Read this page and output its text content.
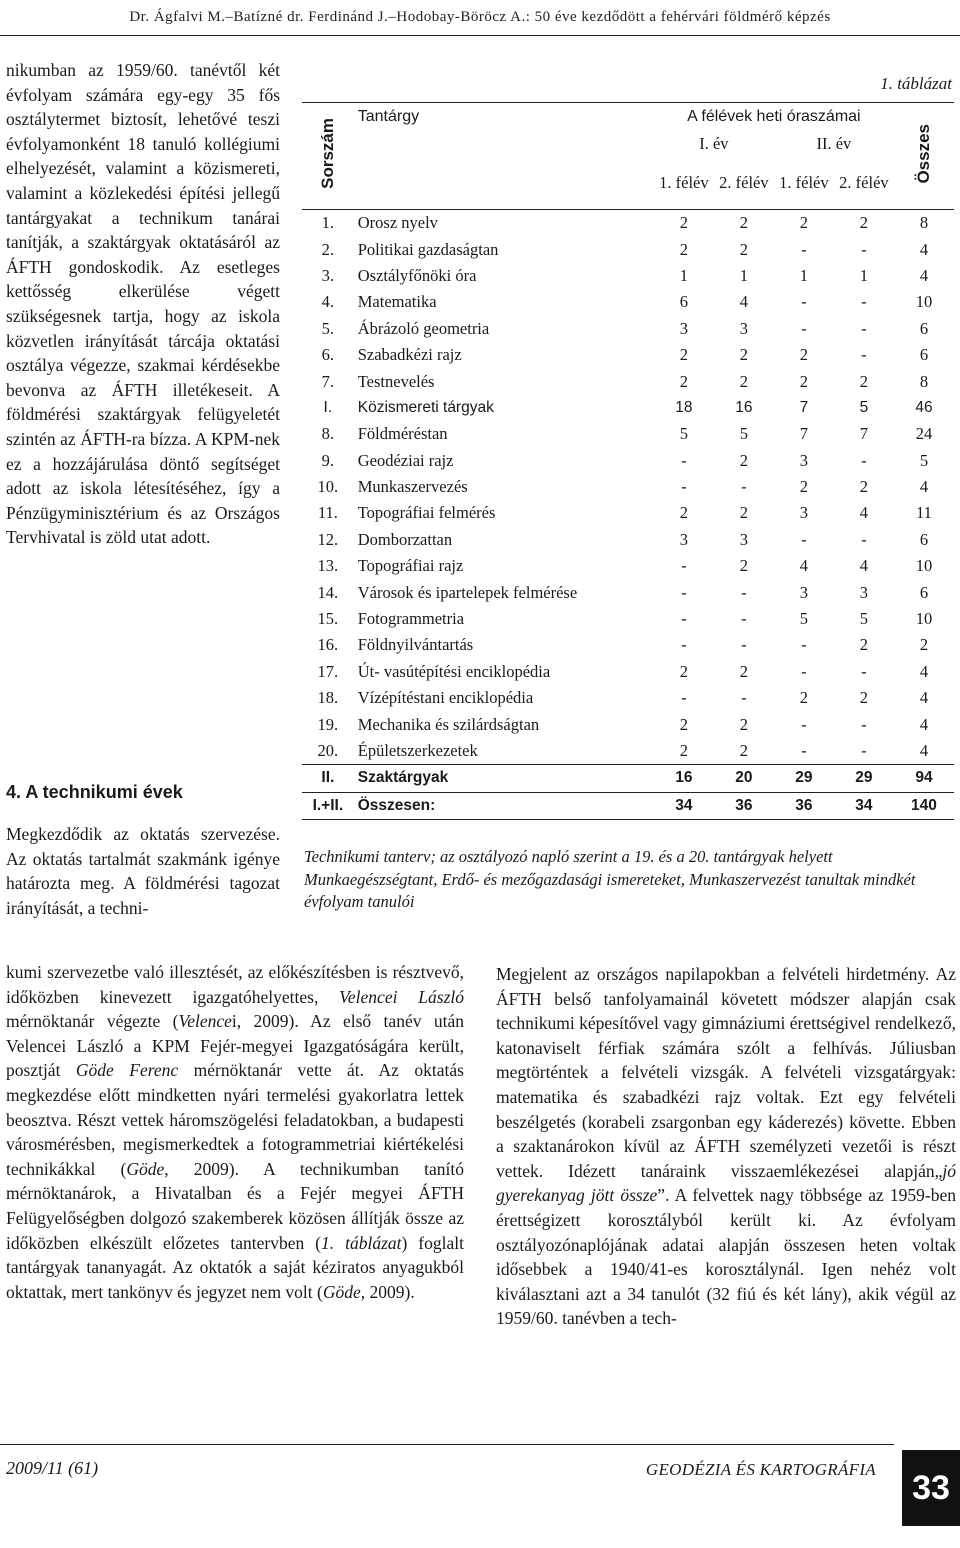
Dr. Ágfalvi M.–Batízné dr. Ferdinánd J.–Hodobay-Böröcz A.: 50 éve kezdődött a fehérvári földmérő képzés

nikumban az 1959/60. tanévtől két évfolyam számára egy-egy 35 fős osztálytermet biztosít, lehetővé teszi évfolyamonként 18 tanuló kollégiumi elhelyezését, valamint a közismereti, valamint a közlekedési építési jellegű tantárgyakat a technikum tanárai tanítják, a szaktárgyak oktatásáról az ÁFTH gondoskodik. Az esetleges kettősség elkerülése végett szükségesnek tartja, hogy az iskola közvetlen irányítását tárcája oktatási osztálya végezze, szakmai kérdésekbe bevonva az ÁFTH illetékeseit. A földmérési szaktárgyak felügyeletét szintén az ÁFTH-ra bízza. A KPM-nek ez a hozzájárulása döntő segítséget adott az iskola létesítéséhez, így a Pénzügyminisztérium és az Országos Tervhivatal is zöld utat adott.

4. A technikumi évek

Megkezdődik az oktatás szervezése. Az oktatás tartalmát szakmánk igénye határozta meg. A földmérési tagozat irányítását, a techni-

kumi szervezetbe való illesztését, az előkészítésben is résztvevő, időközben kinevezett igazgatóhelyettes, Velencei László mérnöktanár végezte (Velencei, 2009). Az első tanév után Velencei László a KPM Fejér-megyei Igazgatóságára került, posztját Göde Ferenc mérnöktanár vette át. Az oktatás megkezdése előtt mindketten nyári termelési gyakorlatra lettek beosztva. Részt vettek háromszögelési feladatokban, a budapesti városmérésben, megismerkedtek a fotogrammetriai kiértékelési technikákkal (Göde, 2009). A technikumban tanító mérnöktanárok, a Hivatalban és a Fejér megyei ÁFTH Felügyelőségben dolgozó szakemberek közösen állítják össze az időközben elkészült előzetes tantervben (1. táblázat) foglalt tantárgyak tananyagát. Az oktatók a saját kéziratos anyagukból oktattak, mert tankönyv és jegyzet nem volt (Göde, 2009).

Megjelent az országos napilapokban a felvételi hirdetmény. Az ÁFTH belső tanfolyamainál követett módszer alapján csak technikumi képesítővel vagy gimnáziumi érettségivel rendelkező, katonaviselt férfiak számára szólt a felhívás. Júliusban megtörténtek a felvételi vizsgák. A felvételi vizsgatárgyak: matematika és szabadkézi rajz voltak. Ezt egy felvételi beszélgetés (korabeli zsargonban egy káderezés) követte. Ebben a szaktanárokon kívül az ÁFTH személyzeti vezetői is részt vettek. Idézett tanáraink visszaemlékezései alapján„jó gyerekanyag jött össze”. A felvettek nagy többsége az 1959-ben érettségizett korosztályból került ki. Az évfolyam osztályozónaplójának adatai alapján összesen heten voltak idősebbek a 1940/41-es korosztálynál. Igen nehéz volt kiválasztani azt a 34 tanulót (32 fiú és két lány), akik végül az 1959/60. tanévben a tech-

1. táblázat
Sorszám	Tantárgy	A félévek heti óraszámai				Összes
		I. év		II. év		
		1. félév	2. félév	1. félév	2. félév	
1.	Orosz nyelv	2	2	2	2	8
2.	Politikai gazdaságtan	2	2	-	-	4
3.	Osztályfőnöki óra	1	1	1	1	4
4.	Matematika	6	4	-	-	10
5.	Ábrázoló geometria	3	3	-	-	6
6.	Szabadkézi rajz	2	2	2	-	6
7.	Testnevelés	2	2	2	2	8
I.	Közismereti tárgyak	18	16	7	5	46
8.	Földméréstan	5	5	7	7	24
9.	Geodéziai rajz	-	2	3	-	5
10.	Munkaszervezés	-	-	2	2	4
11.	Topográfiai felmérés	2	2	3	4	11
12.	Domborzattan	3	3	-	-	6
13.	Topográfiai rajz	-	2	4	4	10
14.	Városok és ipartelepek felmérése	-	-	3	3	6
15.	Fotogrammetria	-	-	5	5	10
16.	Földnyilvántartás	-	-	-	2	2
17.	Út- vasútépítési enciklopédia	2	2	-	-	4
18.	Vízépítéstani enciklopédia	-	-	2	2	4
19.	Mechanika és szilárdságtan	2	2	-	-	4
20.	Épületszerkezetek	2	2	-	-	4
II.	Szaktárgyak	16	20	29	29	94
I.+II.	Összesen:	34	36	36	34	140
Technikumi tanterv; az osztályozó napló szerint a 19. és a 20. tantárgyak helyett Munkaegészségtant, Erdő- és mezőgazdasági ismereteket, Munkaszervezést tanultak mindkét évfolyam tanulói
2009/11 (61)	GEODÉZIA ÉS KARTOGRÁFIA 33
